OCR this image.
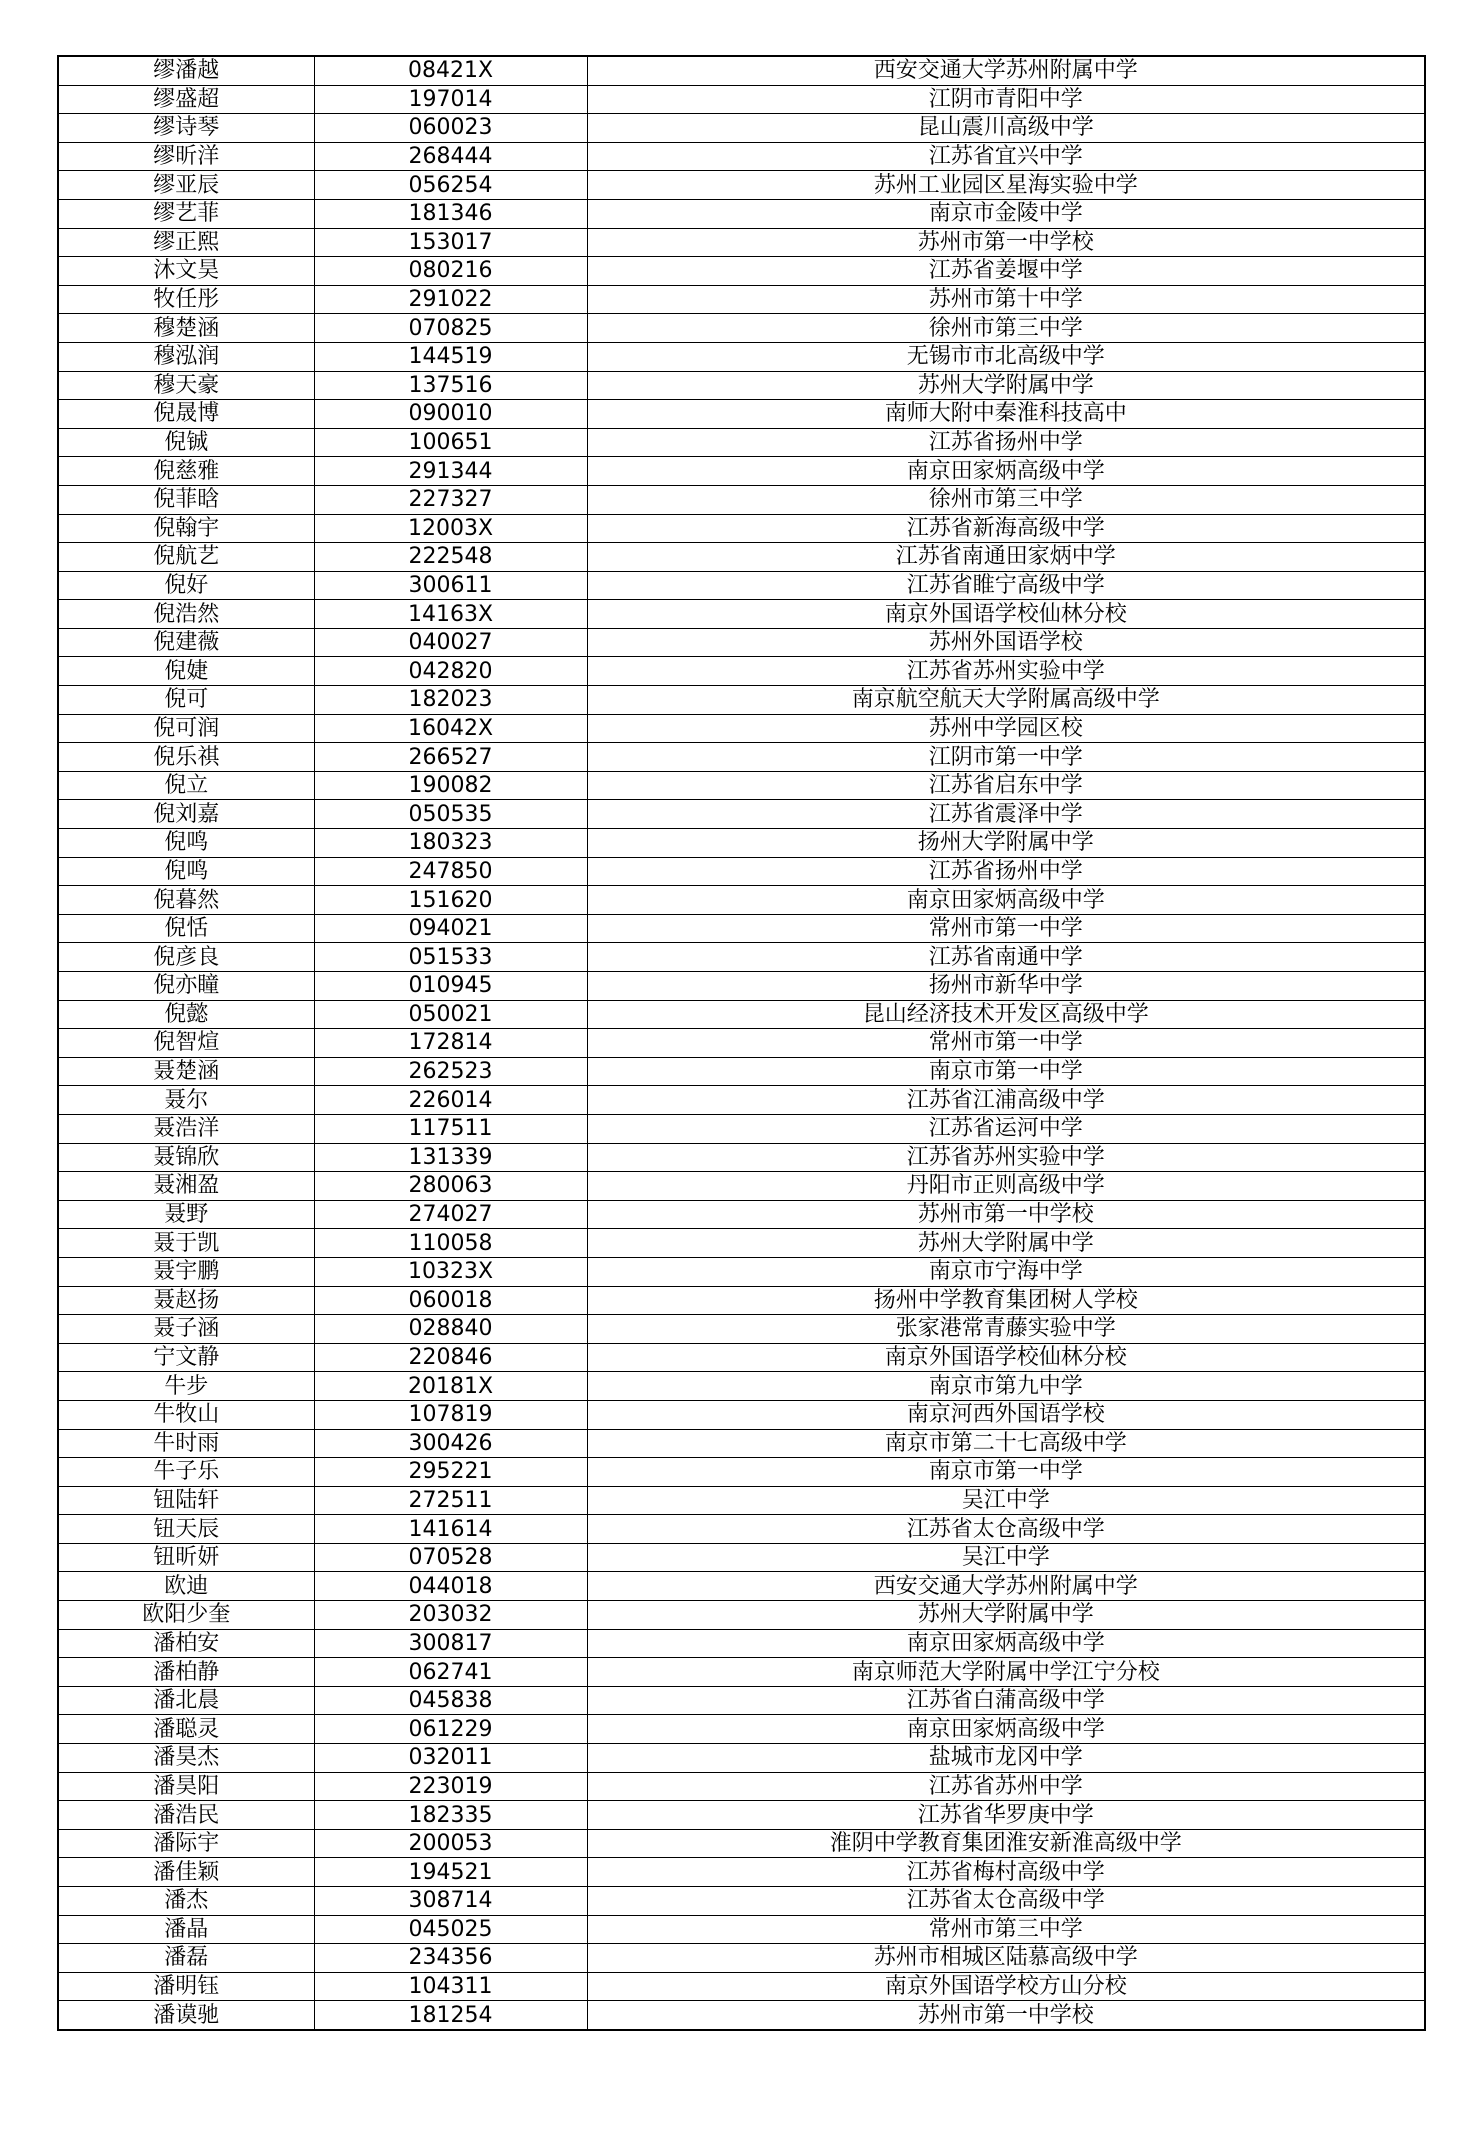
缪潘越	08421X	西安交通大学苏州附属中学
缪盛超	197014	江阴市青阳中学
缪诗琴	060023	昆山震川高级中学
缪昕洋	268444	江苏省宜兴中学
缪亚辰	056254	苏州工业园区星海实验中学
缪艺菲	181346	南京市金陵中学
缪正熙	153017	苏州市第一中学校
沐文昊	080216	江苏省姜堰中学
牧任彤	291022	苏州市第十中学
穆楚涵	070825	徐州市第三中学
穆泓润	144519	无锡市市北高级中学
穆天豪	137516	苏州大学附属中学
倪晟博	090010	南师大附中秦淮科技高中
倪铖	100651	江苏省扬州中学
倪慈雅	291344	南京田家炳高级中学
倪菲晗	227327	徐州市第三中学
倪翰宇	12003X	江苏省新海高级中学
倪航艺	222548	江苏省南通田家炳中学
倪好	300611	江苏省睢宁高级中学
倪浩然	14163X	南京外国语学校仙林分校
倪建薇	040027	苏州外国语学校
倪婕	042820	江苏省苏州实验中学
倪可	182023	南京航空航天大学附属高级中学
倪可润	16042X	苏州中学园区校
倪乐祺	266527	江阴市第一中学
倪立	190082	江苏省启东中学
倪刘嘉	050535	江苏省震泽中学
倪鸣	180323	扬州大学附属中学
倪鸣	247850	江苏省扬州中学
倪暮然	151620	南京田家炳高级中学
倪恬	094021	常州市第一中学
倪彦良	051533	江苏省南通中学
倪亦瞳	010945	扬州市新华中学
倪懿	050021	昆山经济技术开发区高级中学
倪智煊	172814	常州市第一中学
聂楚涵	262523	南京市第一中学
聂尔	226014	江苏省江浦高级中学
聂浩洋	117511	江苏省运河中学
聂锦欣	131339	江苏省苏州实验中学
聂湘盈	280063	丹阳市正则高级中学
聂野	274027	苏州市第一中学校
聂于凯	110058	苏州大学附属中学
聂宇鹏	10323X	南京市宁海中学
聂赵扬	060018	扬州中学教育集团树人学校
聂子涵	028840	张家港常青藤实验中学
宁文静	220846	南京外国语学校仙林分校
牛步	20181X	南京市第九中学
牛牧山	107819	南京河西外国语学校
牛时雨	300426	南京市第二十七高级中学
牛子乐	295221	南京市第一中学
钮陆轩	272511	吴江中学
钮天辰	141614	江苏省太仓高级中学
钮昕妍	070528	吴江中学
欧迪	044018	西安交通大学苏州附属中学
欧阳少奎	203032	苏州大学附属中学
潘柏安	300817	南京田家炳高级中学
潘柏静	062741	南京师范大学附属中学江宁分校
潘北晨	045838	江苏省白蒲高级中学
潘聪灵	061229	南京田家炳高级中学
潘昊杰	032011	盐城市龙冈中学
潘昊阳	223019	江苏省苏州中学
潘浩民	182335	江苏省华罗庚中学
潘际宇	200053	淮阴中学教育集团淮安新淮高级中学
潘佳颖	194521	江苏省梅村高级中学
潘杰	308714	江苏省太仓高级中学
潘晶	045025	常州市第三中学
潘磊	234356	苏州市相城区陆慕高级中学
潘明钰	104311	南京外国语学校方山分校
潘谟驰	181254	苏州市第一中学校
